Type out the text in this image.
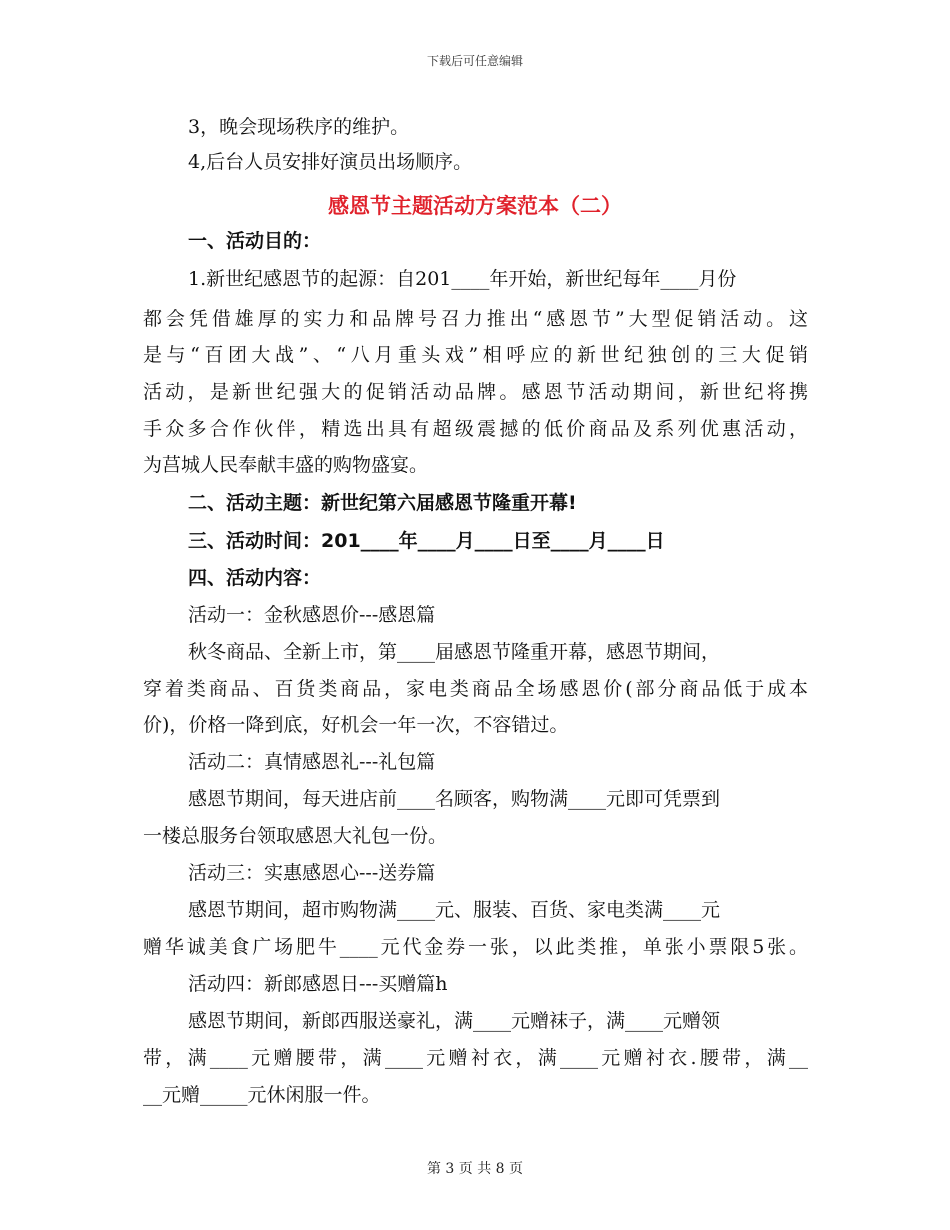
下载后可任意编辑
3，晚会现场秩序的维护。
4,后台人员安排好演员出场顺序。
感恩节主题活动方案范本（二）
一、活动目的：
1.新世纪感恩节的起源：自201____年开始，新世纪每年____月份
都会凭借雄厚的实力和品牌号召力推出“感恩节”大型促销活动。这
是与“百团大战”、“八月重头戏”相呼应的新世纪独创的三大促销
活动，是新世纪强大的促销活动品牌。感恩节活动期间，新世纪将携
手众多合作伙伴，精选出具有超级震撼的低价商品及系列优惠活动，
为莒城人民奉献丰盛的购物盛宴。
二、活动主题：新世纪第六届感恩节隆重开幕!
三、活动时间：201____年____月____日至____月____日
四、活动内容：
活动一：金秋感恩价---感恩篇
秋冬商品、全新上市，第____届感恩节隆重开幕，感恩节期间，
穿着类商品、百货类商品，家电类商品全场感恩价(部分商品低于成本
价)，价格一降到底，好机会一年一次，不容错过。
活动二：真情感恩礼---礼包篇
感恩节期间，每天进店前____名顾客，购物满____元即可凭票到
一楼总服务台领取感恩大礼包一份。
活动三：实惠感恩心---送券篇
感恩节期间，超市购物满____元、服装、百货、家电类满____元
赠华诚美食广场肥牛____元代金券一张，以此类推，单张小票限5张。
活动四：新郎感恩日---买赠篇h
感恩节期间，新郎西服送豪礼，满____元赠袜子，满____元赠领
带，满____元赠腰带，满____元赠衬衣，满____元赠衬衣.腰带，满__
__元赠_____元休闲服一件。
第 3 页 共 8 页
